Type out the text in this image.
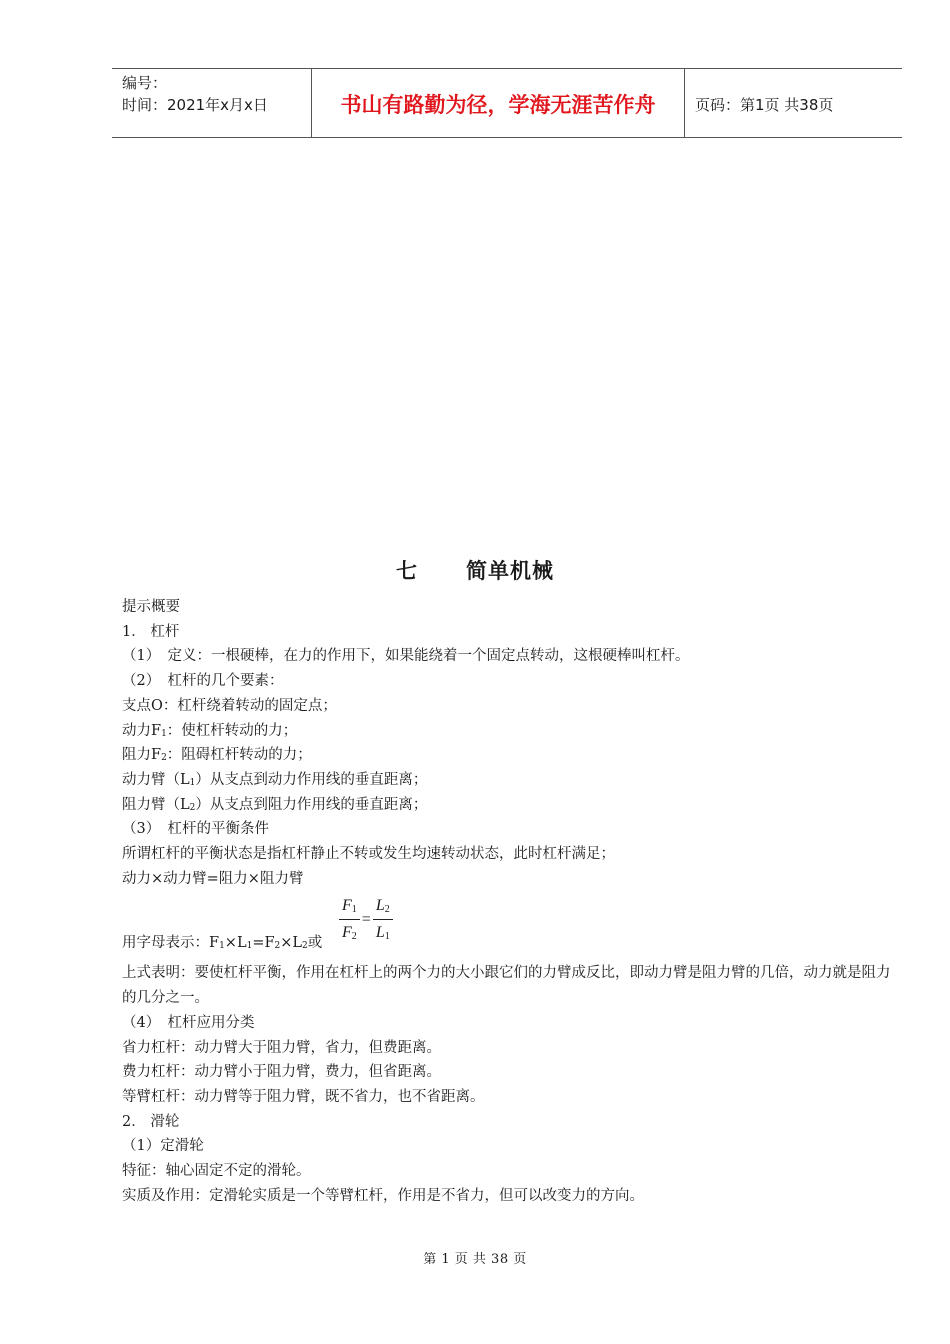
编号：
时间：2021年x月x日	书山有路勤为径，学海无涯苦作舟	页码：第1页 共38页
七 简单机械

提示概要

1． 杠杆

（1）　定义：一根硬棒，在力的作用下，如果能绕着一个固定点转动，这根硬棒叫杠杆。

（2）　杠杆的几个要素：

支点O：杠杆绕着转动的固定点；

动力$F_1$：使杠杆转动的力；

阻力$F_2$：阻碍杠杆转动的力；

动力臂$(L_1)$从支点到动力作用线的垂直距离；

阻力臂$(L_2)$从支点到阻力作用线的垂直距离；

（3）　杠杆的平衡条件

所谓杠杆的平衡状态是指杠杆静止不转或发生均速转动状态，此时杠杆满足；

动力×动力臂=阻力×阻力臂

用字母表示：$F_1\times L_1=F_2\times L_2$或 $\frac{F_1}{F_2} = \frac{L_2}{L_1}$

上式表明：要使杠杆平衡，作用在杠杆上的两个力的大小跟它们的力臂成反比，即动力臂是阻力臂的几倍，动力就是阻力的几分之一。

（4）　杠杆应用分类

省力杠杆：动力臂大于阻力臂，省力，但费距离。

费力杠杆：动力臂小于阻力臂，费力，但省距离。

等臂杠杆：动力臂等于阻力臂，既不省力，也不省距离。

2． 滑轮

（1）定滑轮

特征：轴心固定不定的滑轮。

实质及作用：定滑轮实质是一个等臂杠杆，作用是不省力，但可以改变力的方向。

第 1 页 共 38 页
